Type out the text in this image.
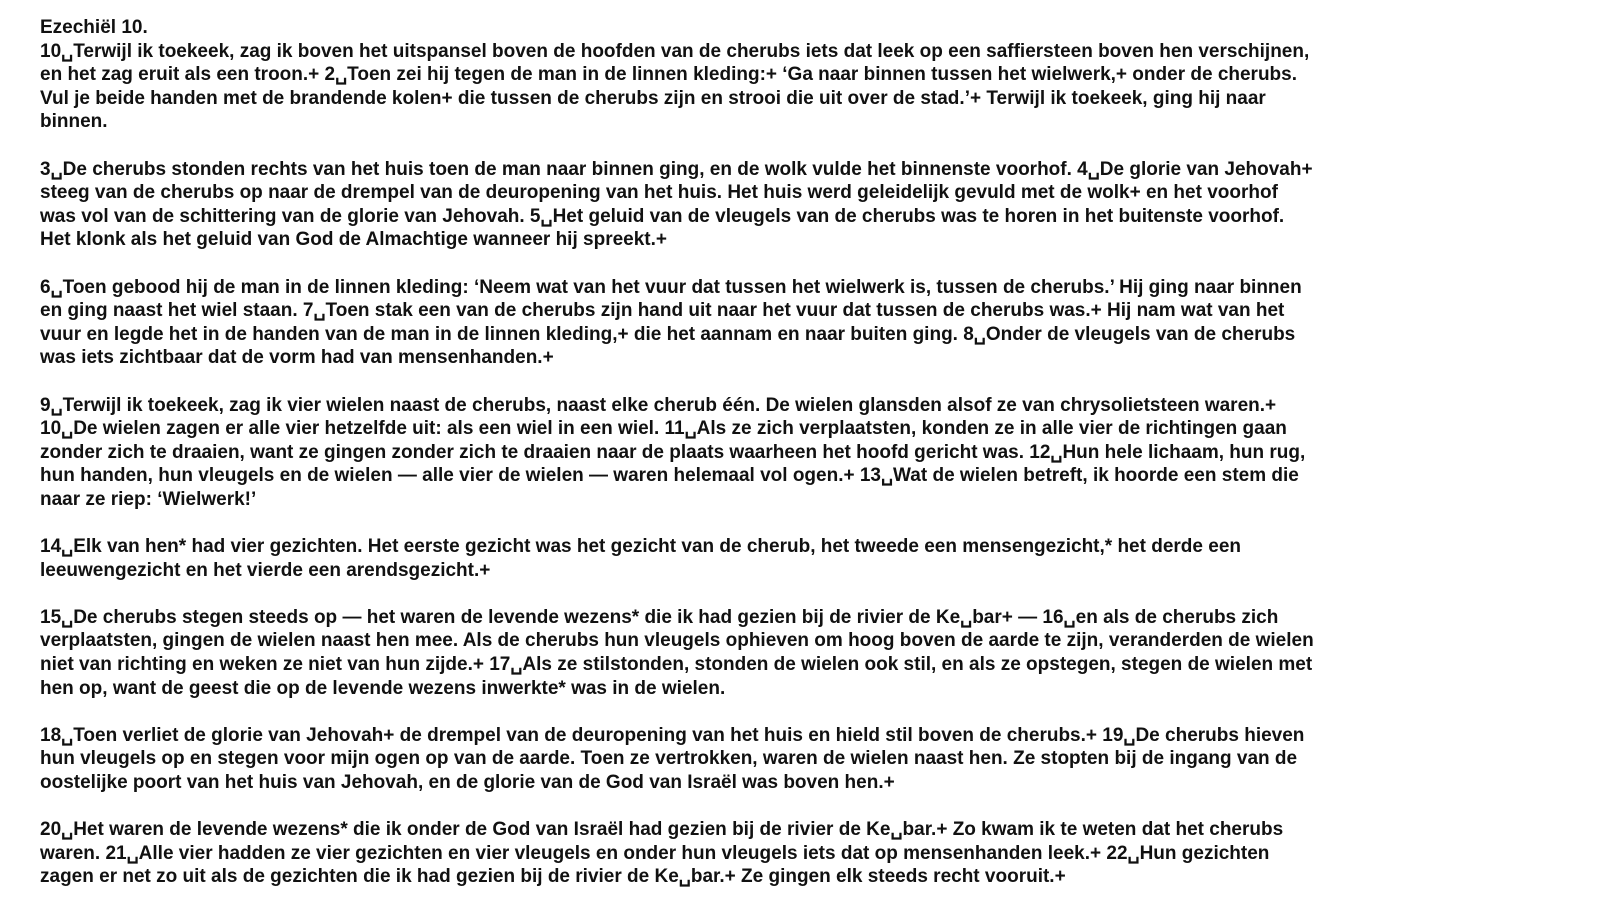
Ezechiël 10.

10␣Terwijl ik toekeek, zag ik boven het uitspansel boven de hoofden van de cherubs iets dat leek op een saffiersteen boven hen verschijnen,
en het zag eruit als een troon.+ 2␣Toen zei hij tegen de man in de linnen kleding:+ ‘Ga naar binnen tussen het wielwerk,+ onder de cherubs.
Vul je beide handen met de brandende kolen+ die tussen de cherubs zijn en strooi die uit over de stad.’+ Terwijl ik toekeek, ging hij naar
binnen.

3␣De cherubs stonden rechts van het huis toen de man naar binnen ging, en de wolk vulde het binnenste voorhof. 4␣De glorie van Jehovah+
steeg van de cherubs op naar de drempel van de deuropening van het huis. Het huis werd geleidelijk gevuld met de wolk+ en het voorhof
was vol van de schittering van de glorie van Jehovah. 5␣Het geluid van de vleugels van de cherubs was te horen in het buitenste voorhof.
Het klonk als het geluid van God de Almachtige wanneer hij spreekt.+

6␣Toen gebood hij de man in de linnen kleding: ‘Neem wat van het vuur dat tussen het wielwerk is, tussen de cherubs.’ Hij ging naar binnen
en ging naast het wiel staan. 7␣Toen stak een van de cherubs zijn hand uit naar het vuur dat tussen de cherubs was.+ Hij nam wat van het
vuur en legde het in de handen van de man in de linnen kleding,+ die het aannam en naar buiten ging. 8␣Onder de vleugels van de cherubs
was iets zichtbaar dat de vorm had van mensenhanden.+

9␣Terwijl ik toekeek, zag ik vier wielen naast de cherubs, naast elke cherub één. De wielen glansden alsof ze van chrysolietsteen waren.+
10␣De wielen zagen er alle vier hetzelfde uit: als een wiel in een wiel. 11␣Als ze zich verplaatsten, konden ze in alle vier de richtingen gaan
zonder zich te draaien, want ze gingen zonder zich te draaien naar de plaats waarheen het hoofd gericht was. 12␣Hun hele lichaam, hun rug,
hun handen, hun vleugels en de wielen — alle vier de wielen — waren helemaal vol ogen.+ 13␣Wat de wielen betreft, ik hoorde een stem die
naar ze riep: ‘Wielwerk!’

14␣Elk van hen* had vier gezichten. Het eerste gezicht was het gezicht van de cherub, het tweede een mensengezicht,* het derde een
leeuwengezicht en het vierde een arendsgezicht.+

15␣De cherubs stegen steeds op — het waren de levende wezens* die ik had gezien bij de rivier de Ke␣bar+ — 16␣en als de cherubs zich
verplaatsten, gingen de wielen naast hen mee. Als de cherubs hun vleugels ophieven om hoog boven de aarde te zijn, veranderden de wielen
niet van richting en weken ze niet van hun zijde.+ 17␣Als ze stilstonden, stonden de wielen ook stil, en als ze opstegen, stegen de wielen met
hen op, want de geest die op de levende wezens inwerkte* was in de wielen.

18␣Toen verliet de glorie van Jehovah+ de drempel van de deuropening van het huis en hield stil boven de cherubs.+ 19␣De cherubs hieven
hun vleugels op en stegen voor mijn ogen op van de aarde. Toen ze vertrokken, waren de wielen naast hen. Ze stopten bij de ingang van de
oostelijke poort van het huis van Jehovah, en de glorie van de God van Israël was boven hen.+

20␣Het waren de levende wezens* die ik onder de God van Israël had gezien bij de rivier de Ke␣bar.+ Zo kwam ik te weten dat het cherubs
waren. 21␣Alle vier hadden ze vier gezichten en vier vleugels en onder hun vleugels iets dat op mensenhanden leek.+ 22␣Hun gezichten
zagen er net zo uit als de gezichten die ik had gezien bij de rivier de Ke␣bar.+ Ze gingen elk steeds recht vooruit.+
